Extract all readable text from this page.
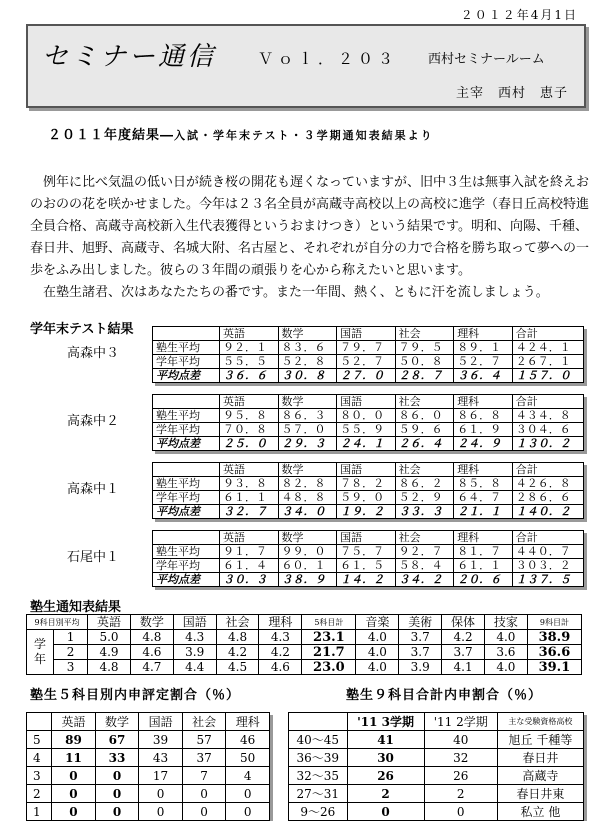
２０１２年4月1日
セミナー通信	Ｖｏｌ．２０３ 西村セミナールーム
主宰　西村　恵子
２０１１年度結果―入試・学年末テスト・３学期通知表結果より

例年に比べ気温の低い日が続き桜の開花も遅くなっていますが、旧中３生は無事入試を終えおのおのの花を咲かせました。今年は２３名全員が高蔵寺高校以上の高校に進学（春日丘高校特進全員合格、高蔵寺高校新入生代表獲得というおまけつき）という結果です。明和、向陽、千種、春日井、旭野、高蔵寺、名城大附、名古屋と、それぞれが自分の力で合格を勝ち取って夢への一歩をふみ出しました。彼らの３年間の頑張りを心から称えたいと思います。

在塾生諸君、次はあなたたちの番です。また一年間、熱く、ともに汗を流しましょう。

学年末テスト結果
高森中３
	英語	数学	国語	社会	理科	合計
塾生平均	９２．１	８３．６	７９．７	７９．５	８９．１	４２４．１
学年平均	５５．５	５２．８	５２．７	５０．８	５２．７	２６７．１
平均点差	３６．６	３０．８	２７．０	２８．７	３６．４	１５７．０
高森中２
	英語	数学	国語	社会	理科	合計
塾生平均	９５．８	８６．３	８０．０	８６．０	８６．８	４３４．８
学年平均	７０．８	５７．０	５５．９	５９．６	６１．９	３０４．６
平均点差	２５．０	２９．３	２４．１	２６．４	２４．９	１３０．２
高森中１
	英語	数学	国語	社会	理科	合計
塾生平均	９３．８	８２．８	７８．２	８６．２	８５．８	４２６．８
学年平均	６１．１	４８．８	５９．０	５２．９	６４．７	２８６．６
平均点差	３２．７	３４．０	１９．２	３３．３	２１．１	１４０．２
石尾中１
	英語	数学	国語	社会	理科	合計
塾生平均	９１．７	９９．０	７５．７	９２．７	８１．７	４４０．７
学年平均	６１．４	６０．１	６１．５	５８．４	６１．１	３０３．２
平均点差	３０．３	３８．９	１４．２	３４．２	２０．６	１３７．５
塾生通知表結果
9科目別平均		英語	数学	国語	社会	理科	5科目計	音楽	美術	保体	技家	9科目計

学
年	1	5.0	4.8	4.3	4.8	4.3	23.1	4.0	3.7	4.2	4.0	38.9
	2	4.9	4.6	3.9	4.2	4.2	21.7	4.0	3.7	3.7	3.6	36.6
	3	4.8	4.7	4.4	4.5	4.6	23.0	4.0	3.9	4.1	4.0	39.1
塾生５科目別内申評定割合（％）
	英語	数学	国語	社会	理科
5	89	67	39	57	46
4	11	33	43	37	50
3	0	0	17	7	4
2	0	0	0	0	0
1	0	0	0	0	0
塾生９科目合計内申割合（％）
	'11 3学期	'11 2学期	主な受験資格高校
40～45	41	40	旭丘 千種等
36～39	30	32	春日井
32～35	26	26	高蔵寺
27～31	2	2	春日井東
9～26	0	0	私立 他
